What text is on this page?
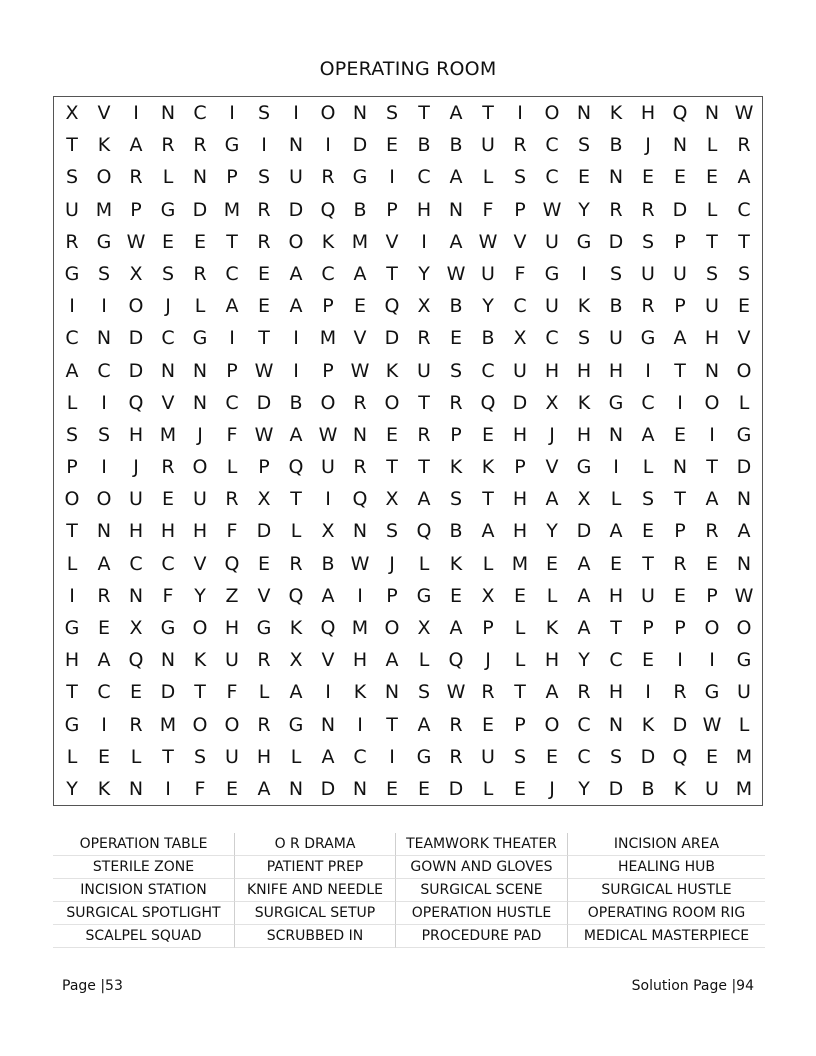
OPERATING ROOM
X V	I	N C	I	S	I	O N S	T	A	T	I	O N K H Q N W
T	K	A R R G	I	N	I	D E	B B U R C	S	B	J	N	L	R
S O R	L	N	P	S	U R G	I	C A	L	S	C	E N E	E	E	A
U M P G D M R D Q B	P	H N	F	P W Y	R R D	L	C
R G W E	E	T	R O K M V	I	A W V U G D S	P	T	T
G S	X	S	R C	E	A C A	T	Y W U	F	G	I	S	U U	S	S
I	I	O	J	L	A	E	A	P	E Q X B	Y	C U K	B R	P	U	E
C N D C G	I	T	I	M V D R	E	B X C	S	U G A H V
A C D N N	P W	I	P W K U	S	C U H H H	I	T	N O
L	I	Q V N C D B O R O T	R Q D X	K G C	I	O	L
S	S H M	J	F W A W N E	R	P	E H	J	H N A	E	I	G
P	I	J	R O	L	P Q U R	T	T	K	K	P	V G	I	L	N	T D
O O U	E	U R X	T	I	Q X A	S	T	H A X	L	S	T	A N
T	N H H H	F	D	L	X N S Q B A H	Y D A	E	P	R A
L	A C C V Q E	R B W	J	L	K	L M E	A	E	T	R	E N
I	R N	F	Y	Z V Q A	I	P G E	X	E	L	A H U	E	P W
G E	X G O H G K Q M O X A	P	L	K	A	T	P	P O O
H A Q N K U R X V H A	L	Q	J	L	H	Y	C	E	I	I	G
T	C	E D T	F	L	A	I	K N S W R	T	A R H	I	R G U
G	I	R M O O R G N	I	T	A R	E	P O C N K D W L
L	E	L	T	S	U H	L	A C	I	G R U	S	E	C	S D Q E M
Y	K N	I	F	E	A N D N E	E D	L	E	J	Y D B	K U M
OPERATION TABLE	O R DRAMA	TEAMWORK THEATER	INCISION AREA
STERILE ZONE	PATIENT PREP	GOWN AND GLOVES	HEALING HUB
INCISION STATION	KNIFE AND NEEDLE	SURGICAL SCENE	SURGICAL HUSTLE
SURGICAL SPOTLIGHT	SURGICAL SETUP	OPERATION HUSTLE	OPERATING ROOM RIG
SCALPEL SQUAD	SCRUBBED IN	PROCEDURE PAD	MEDICAL MASTERPIECE
Page |53	Solution Page |94
